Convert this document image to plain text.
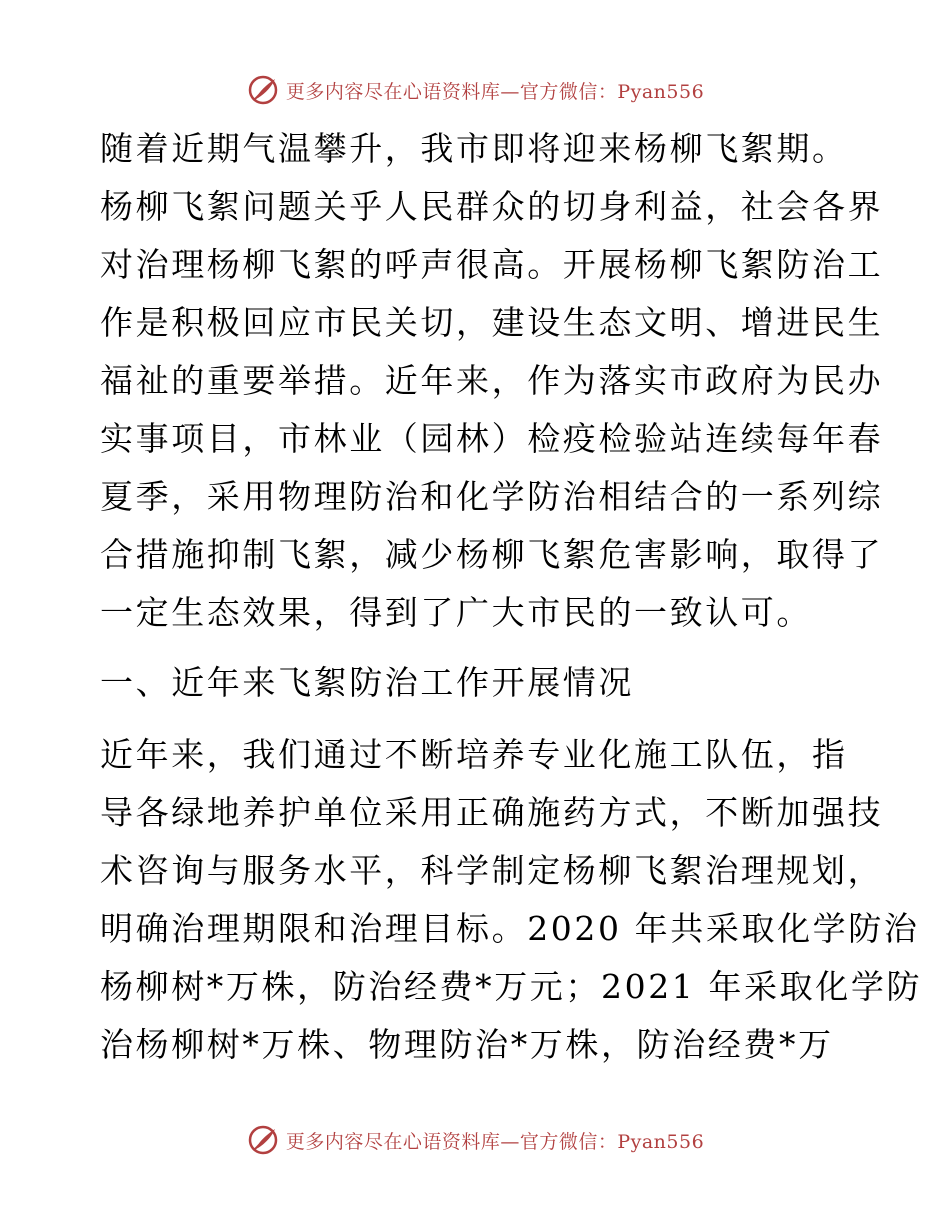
更多内容尽在心语资料库—官方微信：Pyan556

随着近期气温攀升，我市即将迎来杨柳飞絮期。
杨柳飞絮问题关乎人民群众的切身利益，社会各界
对治理杨柳飞絮的呼声很高。开展杨柳飞絮防治工
作是积极回应市民关切，建设生态文明、增进民生
福祉的重要举措。近年来，作为落实市政府为民办
实事项目，市林业（园林）检疫检验站连续每年春
夏季，采用物理防治和化学防治相结合的一系列综
合措施抑制飞絮，减少杨柳飞絮危害影响，取得了
一定生态效果，得到了广大市民的一致认可。

一、近年来飞絮防治工作开展情况

近年来，我们通过不断培养专业化施工队伍，指
导各绿地养护单位采用正确施药方式，不断加强技
术咨询与服务水平，科学制定杨柳飞絮治理规划，
明确治理期限和治理目标。2020 年共采取化学防治
杨柳树*万株，防治经费*万元；2021 年采取化学防
治杨柳树*万株、物理防治*万株，防治经费*万

更多内容尽在心语资料库—官方微信：Pyan556
